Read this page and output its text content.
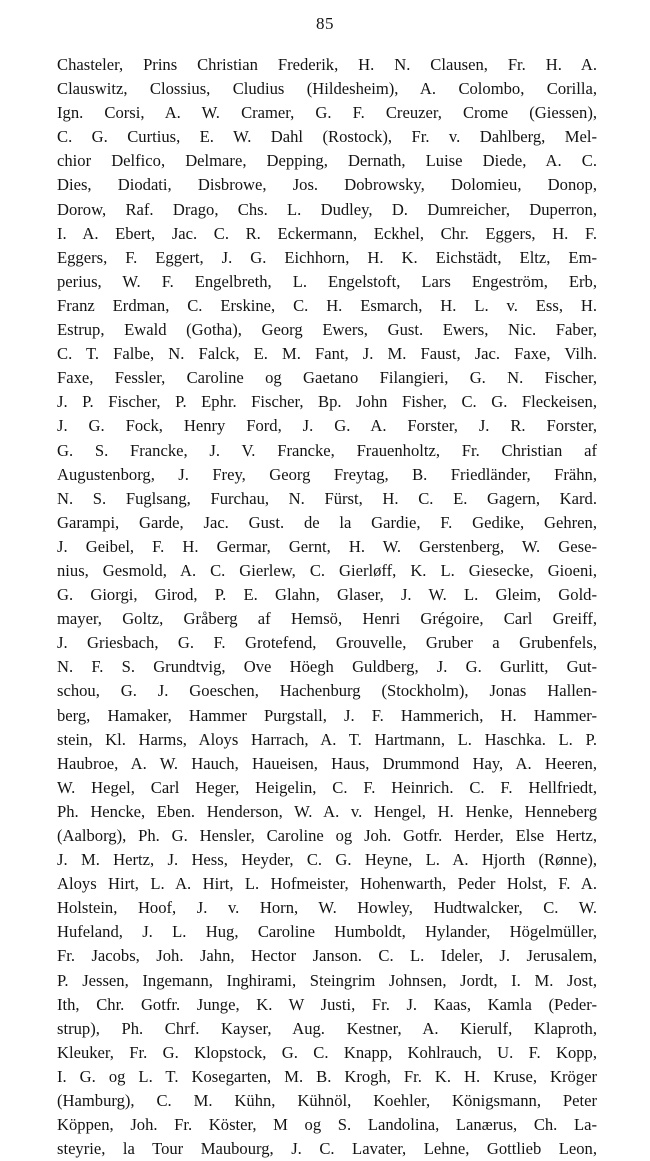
85
Chasteler, Prins Christian Frederik, H. N. Clausen, Fr. H. A.
Clauswitz, Clossius, Cludius (Hildesheim), A. Colombo, Corilla,
Ign. Corsi, A. W. Cramer, G. F. Creuzer, Crome (Giessen),
C. G. Curtius, E. W. Dahl (Rostock), Fr. v. Dahlberg, Mel-
chior Delfico, Delmare, Depping, Dernath, Luise Diede, A. C.
Dies, Diodati, Disbrowe, Jos. Dobrowsky, Dolomieu, Donop,
Dorow, Raf. Drago, Chs. L. Dudley, D. Dumreicher, Duperron,
I. A. Ebert, Jac. C. R. Eckermann, Eckhel, Chr. Eggers, H. F.
Eggers, F. Eggert, J. G. Eichhorn, H. K. Eichstädt, Eltz, Em-
perius, W. F. Engelbreth, L. Engelstoft, Lars Engeström, Erb,
Franz Erdman, C. Erskine, C. H. Esmarch, H. L. v. Ess, H.
Estrup, Ewald (Gotha), Georg Ewers, Gust. Ewers, Nic. Faber,
C. T. Falbe, N. Falck, E. M. Fant, J. M. Faust, Jac. Faxe, Vilh.
Faxe, Fessler, Caroline og Gaetano Filangieri, G. N. Fischer,
J. P. Fischer, P. Ephr. Fischer, Bp. John Fisher, C. G. Fleckeisen,
J. G. Fock, Henry Ford, J. G. A. Forster, J. R. Forster,
G. S. Francke, J. V. Francke, Frauenholtz, Fr. Christian af
Augustenborg, J. Frey, Georg Freytag, B. Friedländer, Frähn,
N. S. Fuglsang, Furchau, N. Fürst, H. C. E. Gagern, Kard.
Garampi, Garde, Jac. Gust. de la Gardie, F. Gedike, Gehren,
J. Geibel, F. H. Germar, Gernt, H. W. Gerstenberg, W. Gese-
nius, Gesmold, A. C. Gierlew, C. Gierløff, K. L. Giesecke, Gioeni,
G. Giorgi, Girod, P. E. Glahn, Glaser, J. W. L. Gleim, Gold-
mayer, Goltz, Gråberg af Hemsö, Henri Grégoire, Carl Greiff,
J. Griesbach, G. F. Grotefend, Grouvelle, Gruber a Grubenfels,
N. F. S. Grundtvig, Ove Höegh Guldberg, J. G. Gurlitt, Gut-
schou, G. J. Goeschen, Hachenburg (Stockholm), Jonas Hallen-
berg, Hamaker, Hammer Purgstall, J. F. Hammerich, H. Hammer-
stein, Kl. Harms, Aloys Harrach, A. T. Hartmann, L. Haschka. L. P.
Haubroe, A. W. Hauch, Haueisen, Haus, Drummond Hay, A. Heeren,
W. Hegel, Carl Heger, Heigelin, C. F. Heinrich. C. F. Hellfriedt,
Ph. Hencke, Eben. Henderson, W. A. v. Hengel, H. Henke, Henneberg
(Aalborg), Ph. G. Hensler, Caroline og Joh. Gotfr. Herder, Else Hertz,
J. M. Hertz, J. Hess, Heyder, C. G. Heyne, L. A. Hjorth (Rønne),
Aloys Hirt, L. A. Hirt, L. Hofmeister, Hohenwarth, Peder Holst, F. A.
Holstein, Hoof, J. v. Horn, W. Howley, Hudtwalcker, C. W.
Hufeland, J. L. Hug, Caroline Humboldt, Hylander, Högelmüller,
Fr. Jacobs, Joh. Jahn, Hector Janson. C. L. Ideler, J. Jerusalem,
P. Jessen, Ingemann, Inghirami, Steingrim Johnsen, Jordt, I. M. Jost,
Ith, Chr. Gotfr. Junge, K. W Justi, Fr. J. Kaas, Kamla (Peder-
strup), Ph. Chrf. Kayser, Aug. Kestner, A. Kierulf, Klaproth,
Kleuker, Fr. G. Klopstock, G. C. Knapp, Kohlrauch, U. F. Kopp,
I. G. og L. T. Kosegarten, M. B. Krogh, Fr. K. H. Kruse, Kröger
(Hamburg), C. M. Kühn, Kühnöl, Koehler, Königsmann, Peter
Köppen, Joh. Fr. Köster, M og S. Landolina, Lanærus, Ch. La-
steyrie, la Tour Maubourg, J. C. Lavater, Lehne, Gottlieb Leon,
